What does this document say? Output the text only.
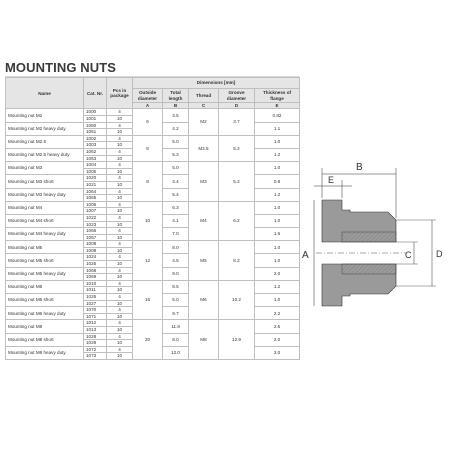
MOUNTING NUTS
Name	Cat. Nr.	Pcs in package	Dimensions [mm]				
			Outside diameter	Total length	Thread	Groove diameter	Thickness of flange
			A	B	C	D	E
Mounting nut M2	1000	4	6	3.5	M2	3.7	0.82
	1001	10					
Mounting nut M2 heavy duty	1060	4		4.2			1.1
	1061	10					
Mounting nut M2.5	1002	4	8	5.0	M2.5	5.2	1.0
	1003	10					
Mounting nut M2.5 heavy duty	1062	4		5.3			1.2
	1063	10					
Mounting nut M3	1004	4	8	5.0	M3	5.2	1.0
	1005	10					
Mounting nut M3 short	1020	4		3.4			0.8
	1021	10					
Mounting nut M3 heavy duty	1064	4		5.4			1.2
	1065	10					
Mounting nut M4	1006	4	10	6.3	M4	6.2	1.0
	1007	10					
Mounting nut M4 short	1022	4		4.1			1.0
	1023	10					
Mounting nut M4 heavy duty	1066	4		7.0			1.6
	1067	10					
Mounting nut M5	1008	4	12	8.0	M5	8.2	1.0
	1009	10					
Mounting nut M5 short	1024	4		4.5			1.0
	1025	10					
Mounting nut M5 heavy duty	1068	4		9.0			2.0
	1069	10					
Mounting nut M6	1010	4	16	8.5	M6	10.2	1.2
	1011	10					
Mounting nut M6 short	1026	4		5.0			1.0
	1027	10					
Mounting nut M6 heavy duty	1070	4		9.7			2.2
	1071	10					
Mounting nut M8	1012	4	20	11.9	M8	12.9	2.5
	1013	10					
Mounting nut M8 short	1028	4		8.0			2.0
	1029	10					
Mounting nut M8 heavy duty	1072	4		12.0			3.0
	1073	10					
B
E
A	C	D
